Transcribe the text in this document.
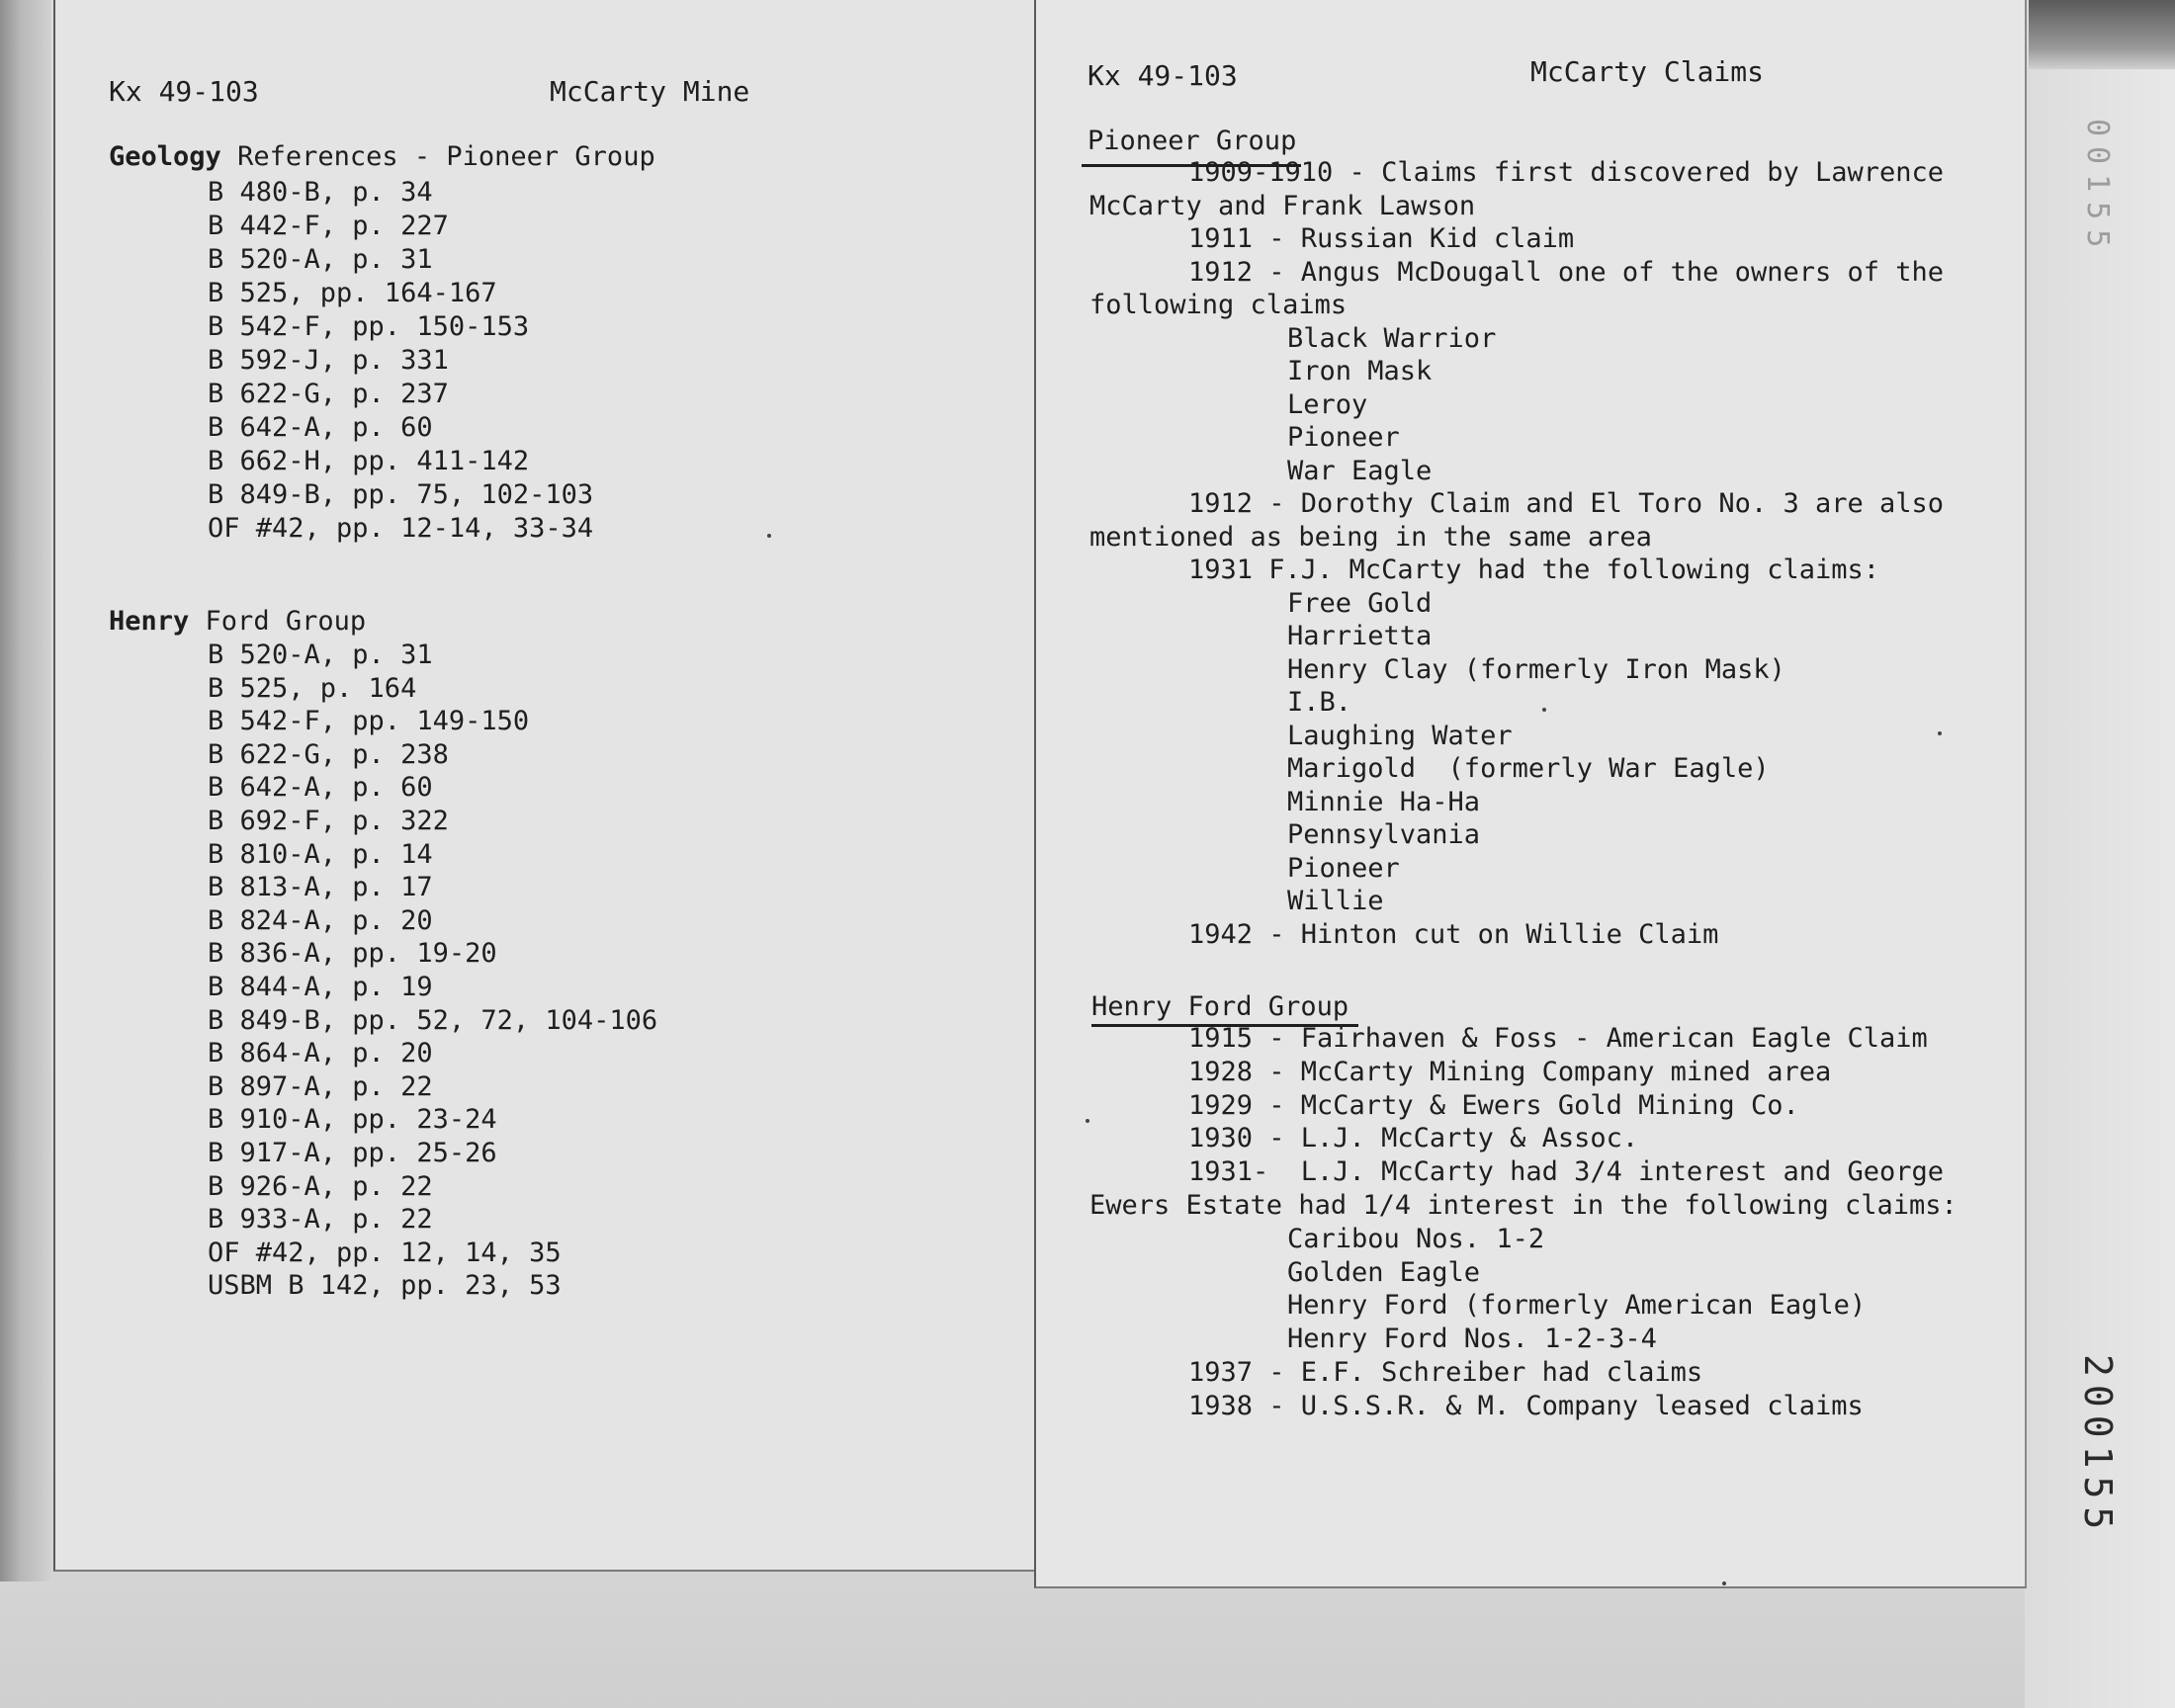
Kx 49-103	McCarty Mine
Geology References - Pioneer Group
B 480-B, p. 34
B 442-F, p. 227
B 520-A, p. 31
B 525, pp. 164-167
B 542-F, pp. 150-153
B 592-J, p. 331
B 622-G, p. 237
B 642-A, p. 60
B 662-H, pp. 411-142
B 849-B, pp. 75, 102-103
OF #42, pp. 12-14, 33-34
Henry Ford Group
B 520-A, p. 31
B 525, p. 164
B 542-F, pp. 149-150
B 622-G, p. 238
B 642-A, p. 60
B 692-F, p. 322
B 810-A, p. 14
B 813-A, p. 17
B 824-A, p. 20
B 836-A, pp. 19-20
B 844-A, p. 19
B 849-B, pp. 52, 72, 104-106
B 864-A, p. 20
B 897-A, p. 22
B 910-A, pp. 23-24
B 917-A, pp. 25-26
B 926-A, p. 22
B 933-A, p. 22
OF #42, pp. 12, 14, 35
USBM B 142, pp. 23, 53
Kx 49-103	McCarty Claims
Pioneer Group
1909-1910 - Claims first discovered by Lawrence
McCarty and Frank Lawson
1911 - Russian Kid claim
1912 - Angus McDougall one of the owners of the
following claims
Black Warrior
Iron Mask
Leroy
Pioneer
War Eagle
1912 - Dorothy Claim and El Toro No. 3 are also
mentioned as being in the same area
1931 F.J. McCarty had the following claims:
Free Gold
Harrietta
Henry Clay (formerly Iron Mask)
I.B.
Laughing Water
Marigold  (formerly War Eagle)
Minnie Ha-Ha
Pennsylvania
Pioneer
Willie
1942 - Hinton cut on Willie Claim
Henry Ford Group
1915 - Fairhaven & Foss - American Eagle Claim
1928 - McCarty Mining Company mined area
1929 - McCarty & Ewers Gold Mining Co.
1930 - L.J. McCarty & Assoc.
1931-  L.J. McCarty had 3/4 interest and George
Ewers Estate had 1/4 interest in the following claims:
Caribou Nos. 1-2
Golden Eagle
Henry Ford (formerly American Eagle)
Henry Ford Nos. 1-2-3-4
1937 - E.F. Schreiber had claims
1938 - U.S.S.R. & M. Company leased claims	200155
00155
